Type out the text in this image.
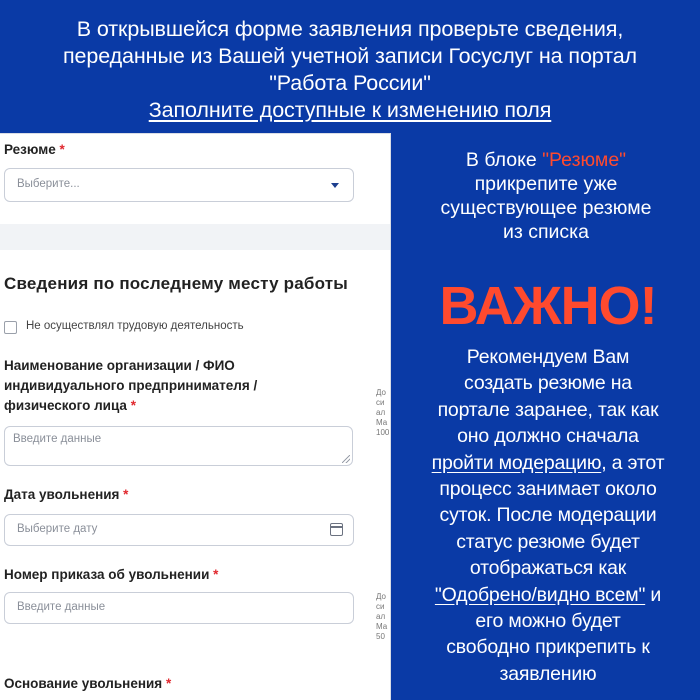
В открывшейся форме заявления проверьте сведения,

переданные из Вашей учетной записи Госуслуг на портал

"Работа России"

Заполните доступные к изменению поля

Резюме *
Выберите...
Сведения по последнему месту работы
Не осуществлял трудовую деятельность
Наименование организации / ФИО
индивидуального предпринимателя /
физического лица *
Введите данные
До
си
ал
Ма
100
Дата увольнения *
Выберите дату
Номер приказа об увольнении *
Введите данные
До
си
ал
Ма
50
Основание увольнения *

В блоке "Резюме"

прикрепите уже

существующее резюме

из списка

ВАЖНО!

Рекомендуем Вам

создать резюме на

портале заранее, так как

оно должно сначала

пройти модерацию, а этот

процесс занимает около

суток. После модерации

статус резюме будет

отображаться как

"Одобрено/видно всем" и

его можно будет

свободно прикрепить к

заявлению
